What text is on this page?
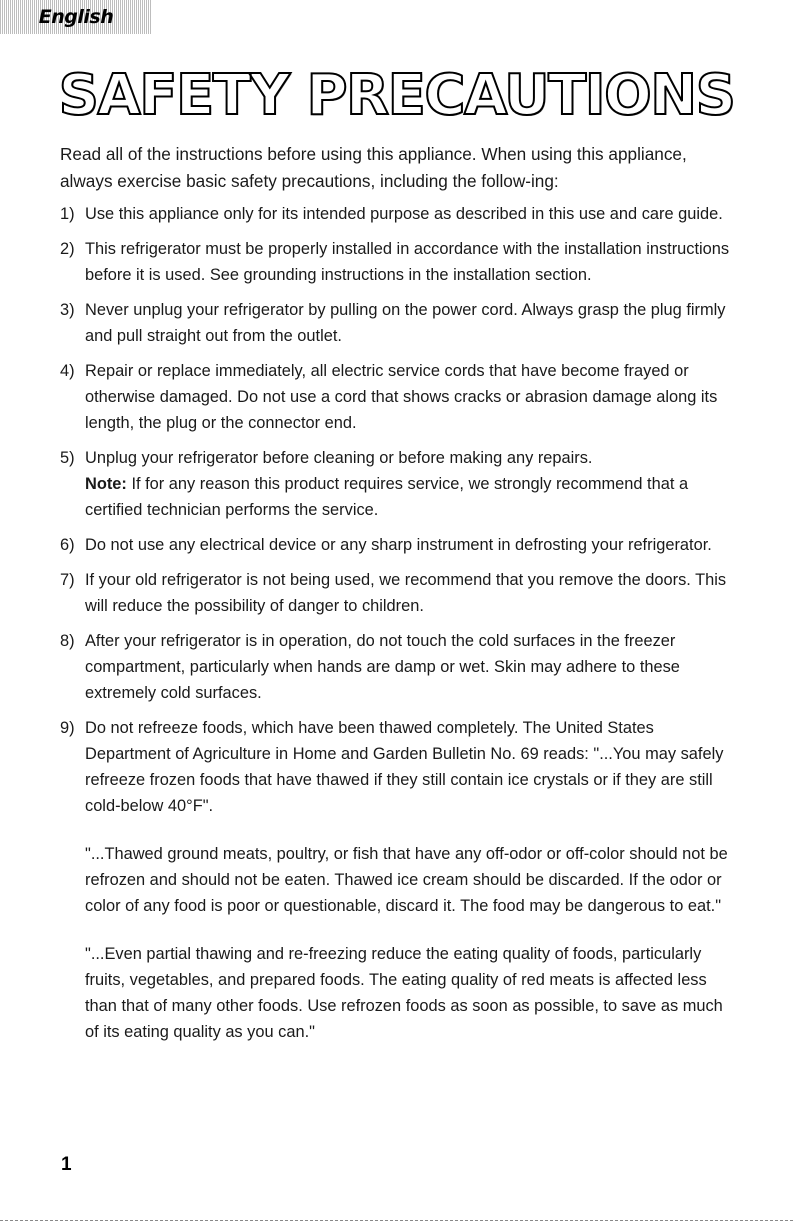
English
SAFETY PRECAUTIONS

Read all of the instructions before using this appliance. When using this appliance, always exercise basic safety precautions, including the follow-ing:

1) Use this appliance only for its intended purpose as described in this use and care guide.
2) This refrigerator must be properly installed in accordance with the installation instructions before it is used. See grounding instructions in the installation section.
3) Never unplug your refrigerator by pulling on the power cord. Always grasp the plug firmly and pull straight out from the outlet.
4) Repair or replace immediately, all electric service cords that have become frayed or otherwise damaged. Do not use a cord that shows cracks or abrasion damage along its length, the plug or the connector end.
5) Unplug your refrigerator before cleaning or before making any repairs.
Note: If for any reason this product requires service, we strongly recommend that a certified technician performs the service.
6) Do not use any electrical device or any sharp instrument in defrosting your refrigerator.
7) If your old refrigerator is not being used, we recommend that you remove the doors. This will reduce the possibility of danger to children.
8) After your refrigerator is in operation, do not touch the cold surfaces in the freezer compartment, particularly when hands are damp or wet. Skin may adhere to these extremely cold surfaces.
9) Do not refreeze foods, which have been thawed completely. The United States Department of Agriculture in Home and Garden Bulletin No. 69 reads: "...You may safely refreeze frozen foods that have thawed if they still contain ice crystals or if they are still cold-below 40°F".
"...Thawed ground meats, poultry, or fish that have any off-odor or off-color should not be refrozen and should not be eaten. Thawed ice cream should be discarded. If the odor or color of any food is poor or questionable, discard it. The food may be dangerous to eat."
"...Even partial thawing and re-freezing reduce the eating quality of foods, particularly fruits, vegetables, and prepared foods. The eating quality of red meats is affected less than that of many other foods. Use refrozen foods as soon as possible, to save as much of its eating quality as you can."
1
